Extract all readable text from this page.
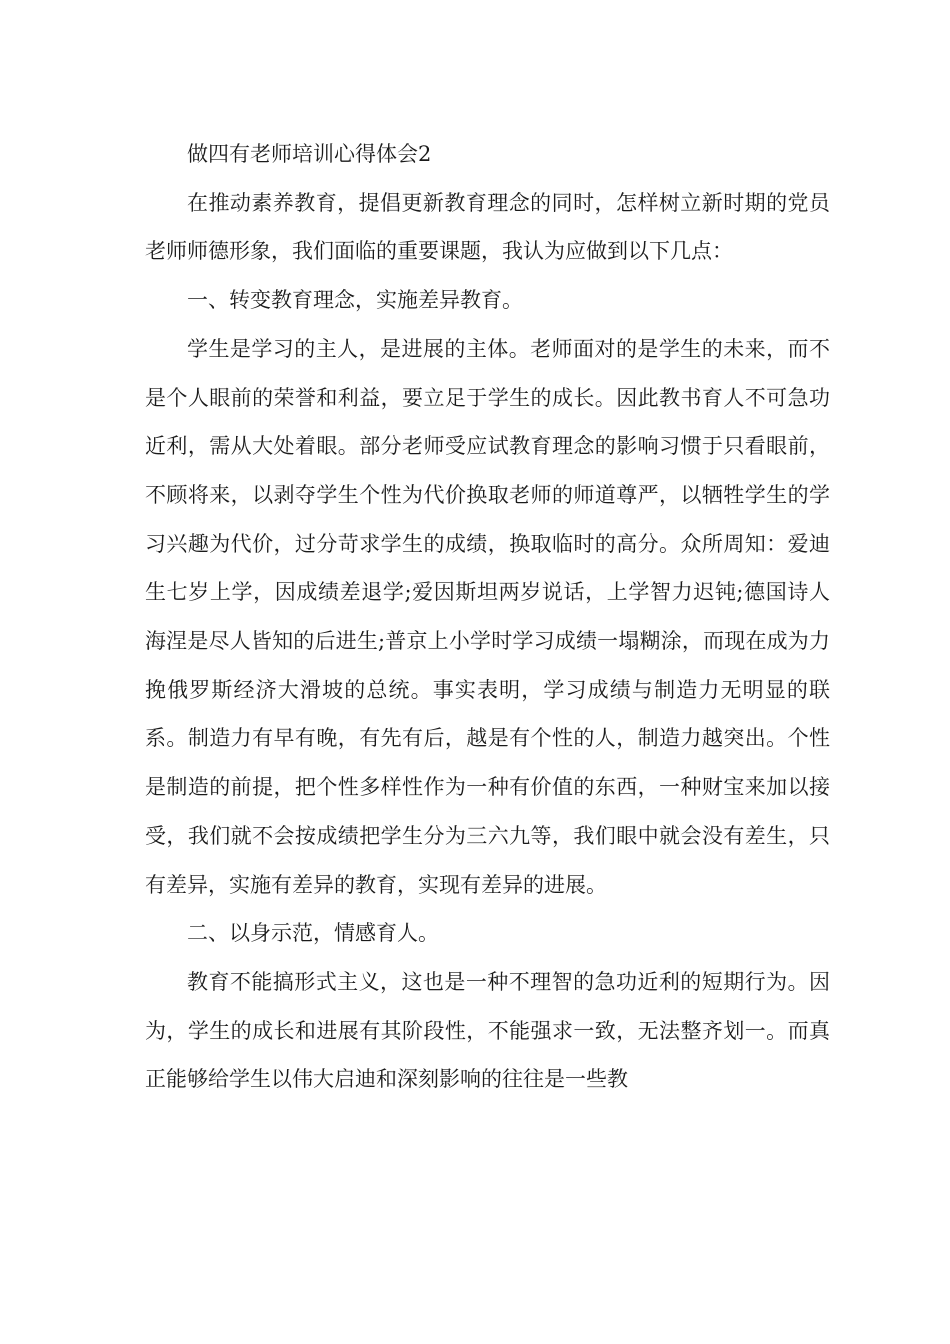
做四有老师培训心得体会2

在推动素养教育，提倡更新教育理念的同时，怎样树立新时期的党员老师师德形象，我们面临的重要课题，我认为应做到以下几点：

一、转变教育理念，实施差异教育。

学生是学习的主人，是进展的主体。老师面对的是学生的未来，而不是个人眼前的荣誉和利益，要立足于学生的成长。因此教书育人不可急功近利，需从大处着眼。部分老师受应试教育理念的影响习惯于只看眼前，不顾将来，以剥夺学生个性为代价换取老师的师道尊严，以牺牲学生的学习兴趣为代价，过分苛求学生的成绩，换取临时的高分。众所周知：爱迪生七岁上学，因成绩差退学;爱因斯坦两岁说话，上学智力迟钝;德国诗人海涅是尽人皆知的后进生;普京上小学时学习成绩一塌糊涂，而现在成为力挽俄罗斯经济大滑坡的总统。事实表明，学习成绩与制造力无明显的联系。制造力有早有晚，有先有后，越是有个性的人，制造力越突出。个性是制造的前提，把个性多样性作为一种有价值的东西，一种财宝来加以接受，我们就不会按成绩把学生分为三六九等，我们眼中就会没有差生，只有差异，实施有差异的教育，实现有差异的进展。

二、以身示范，情感育人。

教育不能搞形式主义，这也是一种不理智的急功近利的短期行为。因为，学生的成长和进展有其阶段性，不能强求一致，无法整齐划一。而真正能够给学生以伟大启迪和深刻影响的往往是一些教
